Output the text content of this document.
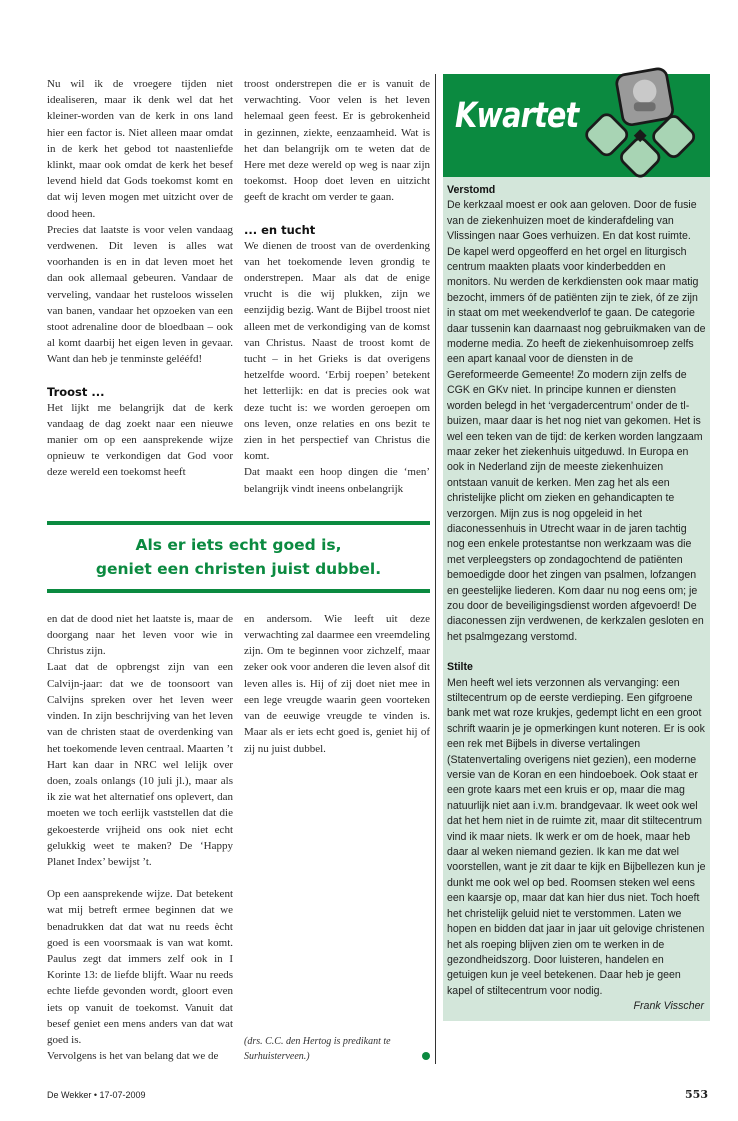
Nu wil ik de vroegere tijden niet idealiseren, maar ik denk wel dat het kleiner-worden van de kerk in ons land hier een factor is. Niet alleen maar omdat in de kerk het gebod tot naastenliefde klinkt, maar ook omdat de kerk het besef levend hield dat Gods toekomst komt en dat wij leven mogen met uitzicht over de dood heen.

Precies dat laatste is voor velen vandaag verdwenen. Dit leven is alles wat voorhanden is en in dat leven moet het dan ook allemaal gebeuren. Vandaar de verveling, vandaar het rusteloos wisselen van banen, vandaar het opzoeken van een stoot adrenaline door de bloedbaan – ook al komt daarbij het eigen leven in gevaar. Want dan heb je tenminste gelééfd!

Troost ...

Het lijkt me belangrijk dat de kerk vandaag de dag zoekt naar een nieuwe manier om op een aansprekende wijze opnieuw te verkondigen dat God voor deze wereld een toekomst heeft

troost onderstrepen die er is vanuit de verwachting. Voor velen is het leven helemaal geen feest. Er is gebrokenheid in gezinnen, ziekte, eenzaamheid. Wat is het dan belangrijk om te weten dat de Here met deze wereld op weg is naar zijn toekomst. Hoop doet leven en uitzicht geeft de kracht om verder te gaan.

... en tucht

We dienen de troost van de overdenking van het toekomende leven grondig te onderstrepen. Maar als dat de enige vrucht is die wij plukken, zijn we eenzijdig bezig. Want de Bijbel troost niet alleen met de verkondiging van de komst van Christus. Naast de troost komt de tucht – in het Grieks is dat overigens hetzelfde woord. ‘Erbij roepen’ betekent het letterlijk: en dat is precies ook wat deze tucht is: we worden geroepen om ons leven, onze relaties en ons bezit te zien in het perspectief van Christus die komt.

Dat maakt een hoop dingen die ‘men’ belangrijk vindt ineens onbelangrijk

Als er iets echt goed is,
geniet een christen juist dubbel.

en dat de dood niet het laatste is, maar de doorgang naar het leven voor wie in Christus zijn.

Laat dat de opbrengst zijn van een Calvijn-jaar: dat we de toonsoort van Calvijns spreken over het leven weer vinden. In zijn beschrijving van het leven van de christen staat de overdenking van het toekomende leven centraal. Maarten ’t Hart kan daar in NRC wel lelijk over doen, zoals onlangs (10 juli jl.), maar als ik zie wat het alternatief ons oplevert, dan moeten we toch eerlijk vaststellen dat die gekoesterde vrijheid ons ook niet echt gelukkig weet te maken? De ‘Happy Planet Index’ bewijst ’t.

Op een aansprekende wijze. Dat betekent wat mij betreft ermee beginnen dat we benadrukken dat dat wat nu reeds ècht goed is een voorsmaak is van wat komt. Paulus zegt dat immers zelf ook in I Korinte 13: de liefde blijft. Waar nu reeds echte liefde gevonden wordt, gloort even iets op vanuit de toekomst. Vanuit dat besef geniet een mens anders van dat wat goed is.

Vervolgens is het van belang dat we de

en andersom. Wie leeft uit deze verwachting zal daarmee een vreemdeling zijn. Om te beginnen voor zichzelf, maar zeker ook voor anderen die leven alsof dit leven alles is. Hij of zij doet niet mee in een lege vreugde waarin geen voorteken van de eeuwige vreugde te vinden is. Maar als er iets echt goed is, geniet hij of zij nu juist dubbel.

(drs. C.C. den Hertog is predikant te Surhuisterveen.)
Kwartet
Verstomd

De kerkzaal moest er ook aan geloven. Door de fusie van de ziekenhuizen moet de kinderafdeling van Vlissingen naar Goes verhuizen. En dat kost ruimte. De kapel werd opgeofferd en het orgel en liturgisch centrum maakten plaats voor kinderbedden en monitors. Nu werden de kerkdiensten ook maar matig bezocht, immers óf de patiënten zijn te ziek, óf ze zijn in staat om met weekendverlof te gaan. De categorie daar tussenin kan daarnaast nog gebruikmaken van de moderne media. Zo heeft de ziekenhuisomroep zelfs een apart kanaal voor de diensten in de Gereformeerde Gemeente! Zo modern zijn zelfs de CGK en GKv niet. In principe kunnen er diensten worden belegd in het ‘vergadercentrum’ onder de tl-buizen, maar daar is het nog niet van gekomen. Het is wel een teken van de tijd: de kerken worden langzaam maar zeker het ziekenhuis uitgeduwd. In Europa en ook in Nederland zijn de meeste ziekenhuizen ontstaan vanuit de kerken. Men zag het als een christelijke plicht om zieken en gehandicapten te verzorgen. Mijn zus is nog opgeleid in het diaconessenhuis in Utrecht waar in de jaren tachtig nog een enkele protestantse non werkzaam was die met verpleegsters op zondagochtend de patiënten bemoedigde door het zingen van psalmen, lofzangen en geestelijke liederen. Kom daar nu nog eens om; je zou door de beveiligingsdienst worden afgevoerd! De diaconessen zijn verdwenen, de kerkzalen gesloten en het psalmgezang verstomd.

Stilte

Men heeft wel iets verzonnen als vervanging: een stiltecentrum op de eerste verdieping. Een gifgroene bank met wat roze krukjes, gedempt licht en een groot schrift waarin je je opmerkingen kunt noteren. Er is ook een rek met Bijbels in diverse vertalingen (Statenvertaling overigens niet gezien), een moderne versie van de Koran en een hindoeboek. Ook staat er een grote kaars met een kruis er op, maar die mag natuurlijk niet aan i.v.m. brandgevaar. Ik weet ook wel dat het hem niet in de ruimte zit, maar dit stiltecentrum vind ik maar niets. Ik werk er om de hoek, maar heb daar al weken niemand gezien. Ik kan me dat wel voorstellen, want je zit daar te kijk en Bijbellezen kun je dunkt me ook wel op bed. Roomsen steken wel eens een kaarsje op, maar dat kan hier dus niet. Toch hoeft het christelijk geluid niet te verstommen. Laten we hopen en bidden dat jaar in jaar uit gelovige christenen het als roeping blijven zien om te werken in de gezondheidszorg. Door luisteren, handelen en getuigen kun je veel betekenen. Daar heb je geen kapel of stiltecentrum voor nodig.

Frank Visscher

De Wekker • 17-07-2009	553
